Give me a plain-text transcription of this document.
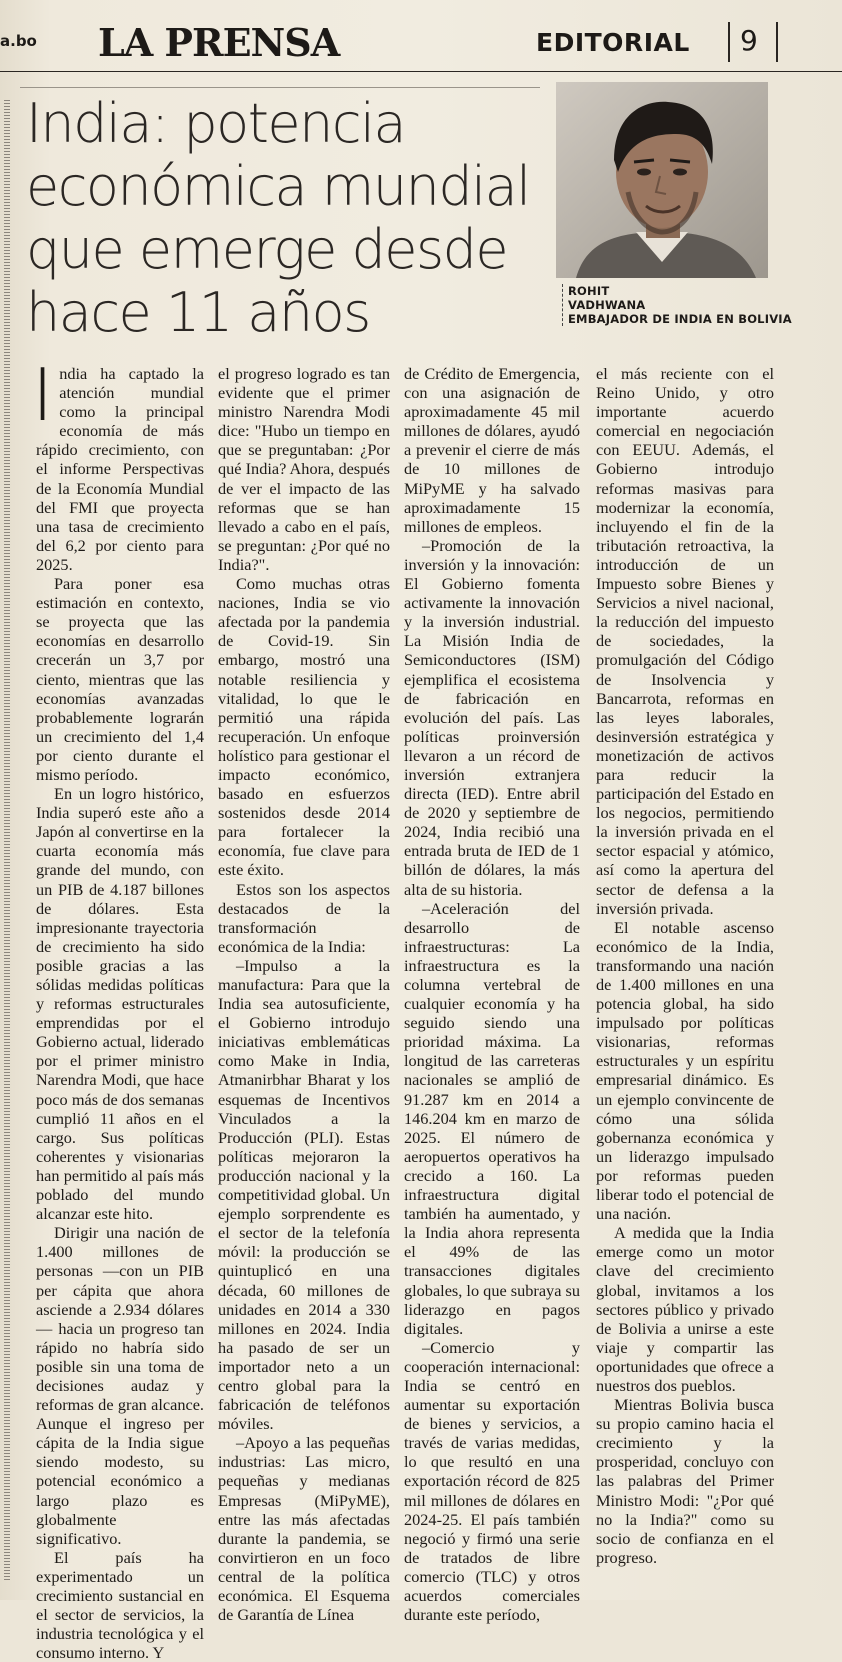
a.bo LA PRENSA	EDITORIAL 9
India: potencia económica mundial que emerge desde hace 11 años	ROHIT
VADHWANA
EMBAJADOR DE INDIA EN BOLIVIA

India ha captado la atención mundial como la principal economía de más rápido crecimiento, con el informe Perspectivas de la Economía Mundial del FMI que proyecta una tasa de crecimiento del 6,2 por ciento para 2025.

Para poner esa estimación en contexto, se proyecta que las economías en desarrollo crecerán un 3,7 por ciento, mientras que las economías avanzadas probablemente lograrán un crecimiento del 1,4 por ciento durante el mismo período.

En un logro histórico, India superó este año a Japón al convertirse en la cuarta economía más grande del mundo, con un PIB de 4.187 billones de dólares. Esta impresionante trayectoria de crecimiento ha sido posible gracias a las sólidas medidas políticas y reformas estructurales emprendidas por el Gobierno actual, liderado por el primer ministro Narendra Modi, que hace poco más de dos semanas cumplió 11 años en el cargo. Sus políticas coherentes y visionarias han permitido al país más poblado del mundo alcanzar este hito.

Dirigir una nación de 1.400 millones de personas —con un PIB per cápita que ahora asciende a 2.934 dólares— hacia un progreso tan rápido no habría sido posible sin una toma de decisiones audaz y reformas de gran alcance. Aunque el ingreso per cápita de la India sigue siendo modesto, su potencial económico a largo plazo es globalmente significativo.

El país ha experimentado un crecimiento sustancial en el sector de servicios, la industria tecnológica y el consumo interno. Y

el progreso logrado es tan evidente que el primer ministro Narendra Modi dice: "Hubo un tiempo en que se preguntaban: ¿Por qué India? Ahora, después de ver el impacto de las reformas que se han llevado a cabo en el país, se preguntan: ¿Por qué no India?".

Como muchas otras naciones, India se vio afectada por la pandemia de Covid-19. Sin embargo, mostró una notable resiliencia y vitalidad, lo que le permitió una rápida recuperación. Un enfoque holístico para gestionar el impacto económico, basado en esfuerzos sostenidos desde 2014 para fortalecer la economía, fue clave para este éxito.

Estos son los aspectos destacados de la transformación económica de la India:

–Impulso a la manufactura: Para que la India sea autosuficiente, el Gobierno introdujo iniciativas emblemáticas como Make in India, Atmanirbhar Bharat y los esquemas de Incentivos Vinculados a la Producción (PLI). Estas políticas mejoraron la producción nacional y la competitividad global. Un ejemplo sorprendente es el sector de la telefonía móvil: la producción se quintuplicó en una década, 60 millones de unidades en 2014 a 330 millones en 2024. India ha pasado de ser un importador neto a un centro global para la fabricación de teléfonos móviles.

–Apoyo a las pequeñas industrias: Las micro, pequeñas y medianas Empresas (MiPyME), entre las más afectadas durante la pandemia, se convirtieron en un foco central de la política económica. El Esquema de Garantía de Línea

de Crédito de Emergencia, con una asignación de aproximadamente 45 mil millones de dólares, ayudó a prevenir el cierre de más de 10 millones de MiPyME y ha salvado aproximadamente 15 millones de empleos.

–Promoción de la inversión y la innovación: El Gobierno fomenta activamente la innovación y la inversión industrial. La Misión India de Semiconductores (ISM) ejemplifica el ecosistema de fabricación en evolución del país. Las políticas proinversión llevaron a un récord de inversión extranjera directa (IED). Entre abril de 2020 y septiembre de 2024, India recibió una entrada bruta de IED de 1 billón de dólares, la más alta de su historia.

–Aceleración del desarrollo de infraestructuras: La infraestructura es la columna vertebral de cualquier economía y ha seguido siendo una prioridad máxima. La longitud de las carreteras nacionales se amplió de 91.287 km en 2014 a 146.204 km en marzo de 2025. El número de aeropuertos operativos ha crecido a 160. La infraestructura digital también ha aumentado, y la India ahora representa el 49% de las transacciones digitales globales, lo que subraya su liderazgo en pagos digitales.

–Comercio y cooperación internacional: India se centró en aumentar su exportación de bienes y servicios, a través de varias medidas, lo que resultó en una exportación récord de 825 mil millones de dólares en 2024-25. El país también negoció y firmó una serie de tratados de libre comercio (TLC) y otros acuerdos comerciales durante este período,

el más reciente con el Reino Unido, y otro importante acuerdo comercial en negociación con EEUU. Además, el Gobierno introdujo reformas masivas para modernizar la economía, incluyendo el fin de la tributación retroactiva, la introducción de un Impuesto sobre Bienes y Servicios a nivel nacional, la reducción del impuesto de sociedades, la promulgación del Código de Insolvencia y Bancarrota, reformas en las leyes laborales, desinversión estratégica y monetización de activos para reducir la participación del Estado en los negocios, permitiendo la inversión privada en el sector espacial y atómico, así como la apertura del sector de defensa a la inversión privada.

El notable ascenso económico de la India, transformando una nación de 1.400 millones en una potencia global, ha sido impulsado por políticas visionarias, reformas estructurales y un espíritu empresarial dinámico. Es un ejemplo convincente de cómo una sólida gobernanza económica y un liderazgo impulsado por reformas pueden liberar todo el potencial de una nación.

A medida que la India emerge como un motor clave del crecimiento global, invitamos a los sectores público y privado de Bolivia a unirse a este viaje y compartir las oportunidades que ofrece a nuestros dos pueblos.

Mientras Bolivia busca su propio camino hacia el crecimiento y la prosperidad, concluyo con las palabras del Primer Ministro Modi: "¿Por qué no la India?" como su socio de confianza en el progreso.
